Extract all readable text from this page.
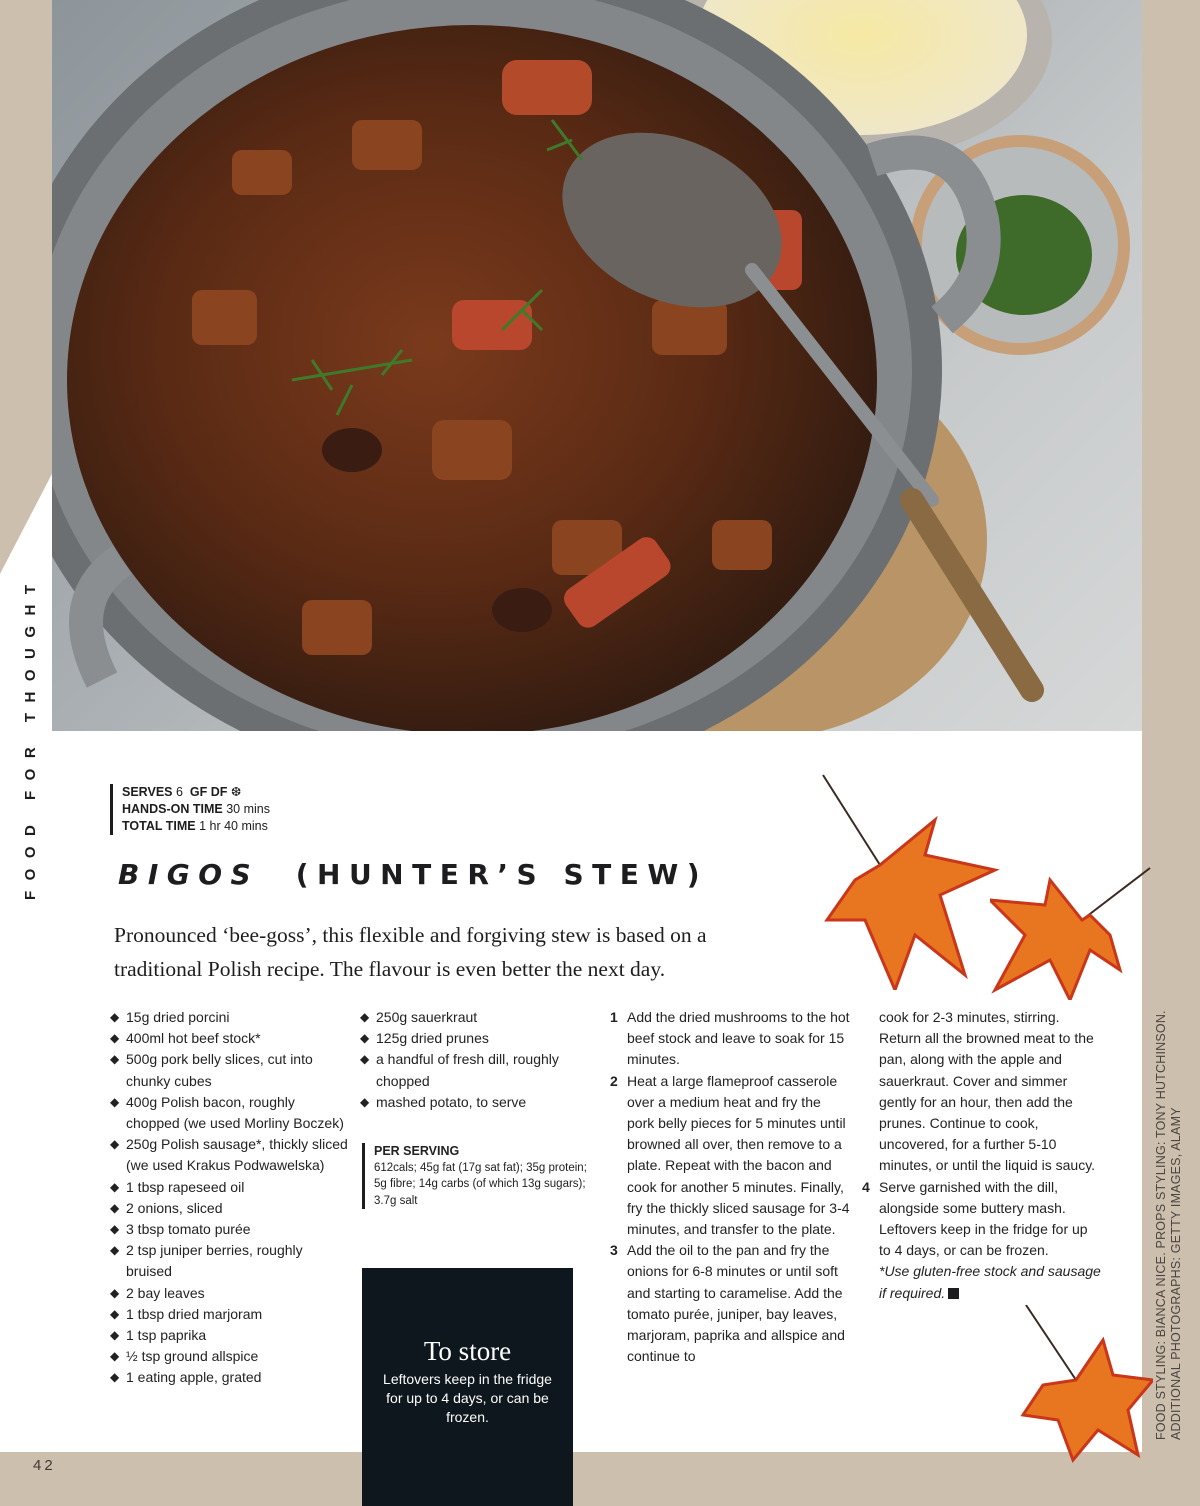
FOOD FOR THOUGHT	SERVES 6 GF DF ❆
HANDS-ON TIME 30 mins
TOTAL TIME 1 hr 40 mins
BIGOS (HUNTER’S STEW)

Pronounced ‘bee-goss’, this flexible and forgiving stew is based on a traditional Polish recipe. The flavour is even better the next day.

◆ 15g dried porcini
◆ 400ml hot beef stock*
◆ 500g pork belly slices, cut into chunky cubes
◆ 400g Polish bacon, roughly chopped (we used Morliny Boczek)
◆ 250g Polish sausage*, thickly sliced (we used Krakus Podwawelska)
◆ 1 tbsp rapeseed oil
◆ 2 onions, sliced
◆ 3 tbsp tomato purée
◆ 2 tsp juniper berries, roughly bruised
◆ 2 bay leaves
◆ 1 tbsp dried marjoram
◆ 1 tsp paprika
◆ ½ tsp ground allspice
◆ 1 eating apple, grated
◆ 250g sauerkraut
◆ 125g dried prunes
◆ a handful of fresh dill, roughly chopped
◆ mashed potato, to serve
PER SERVING
612cals; 45g fat (17g sat fat); 35g protein; 5g fibre; 14g carbs (of which 13g sugars); 3.7g salt
To store
Leftovers keep in the fridge for up to 4 days, or can be frozen.
1 Add the dried mushrooms to the hot beef stock and leave to soak for 15 minutes.
2 Heat a large flameproof casserole over a medium heat and fry the pork belly pieces for 5 minutes until browned all over, then remove to a plate. Repeat with the bacon and cook for another 5 minutes. Finally, fry the thickly sliced sausage for 3-4 minutes, and transfer to the plate.
3 Add the oil to the pan and fry the onions for 6-8 minutes or until soft and starting to caramelise. Add the tomato purée, juniper, bay leaves, marjoram, paprika and allspice and continue to
cook for 2-3 minutes, stirring. Return all the browned meat to the pan, along with the apple and sauerkraut. Cover and simmer gently for an hour, then add the prunes. Continue to cook, uncovered, for a further 5-10 minutes, or until the liquid is saucy.
4 Serve garnished with the dill, alongside some buttery mash. Leftovers keep in the fridge for up to 4 days, or can be frozen.
*Use gluten-free stock and sausage if required.	FOOD STYLING: BIANCA NICE. PROPS STYLING: TONY HUTCHINSON. ADDITIONAL PHOTOGRAPHS: GETTY IMAGES, ALAMY
42
